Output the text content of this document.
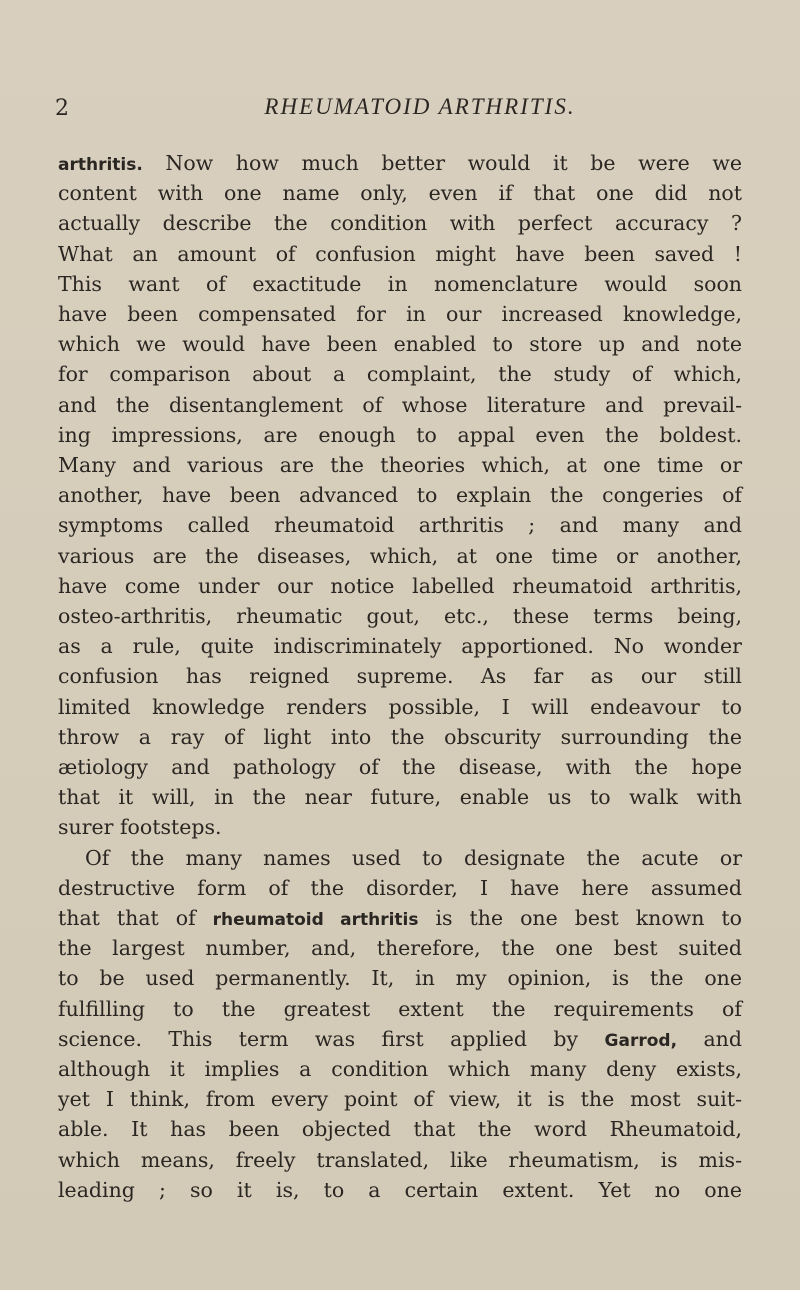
2	RHEUMATOID ARTHRITIS.
arthritis. Now how much better would it be were we
content with one name only, even if that one did not
actually describe the condition with perfect accuracy ?
What an amount of confusion might have been saved !
This want of exactitude in nomenclature would soon
have been compensated for in our increased knowledge,
which we would have been enabled to store up and note
for comparison about a complaint, the study of which,
and the disentanglement of whose literature and prevail-
ing impressions, are enough to appal even the boldest.
Many and various are the theories which, at one time or
another, have been advanced to explain the congeries of
symptoms called rheumatoid arthritis ; and many and
various are the diseases, which, at one time or another,
have come under our notice labelled rheumatoid arthritis,
osteo-arthritis, rheumatic gout, etc., these terms being,
as a rule, quite indiscriminately apportioned. No wonder
confusion has reigned supreme. As far as our still
limited knowledge renders possible, I will endeavour to
throw a ray of light into the obscurity surrounding the
ætiology and pathology of the disease, with the hope
that it will, in the near future, enable us to walk with
surer footsteps.
Of the many names used to designate the acute or
destructive form of the disorder, I have here assumed
that that of rheumatoid arthritis is the one best known to
the largest number, and, therefore, the one best suited
to be used permanently. It, in my opinion, is the one
fulfilling to the greatest extent the requirements of
science. This term was first applied by Garrod, and
although it implies a condition which many deny exists,
yet I think, from every point of view, it is the most suit-
able. It has been objected that the word Rheumatoid,
which means, freely translated, like rheumatism, is mis-
leading ; so it is, to a certain extent. Yet no one
